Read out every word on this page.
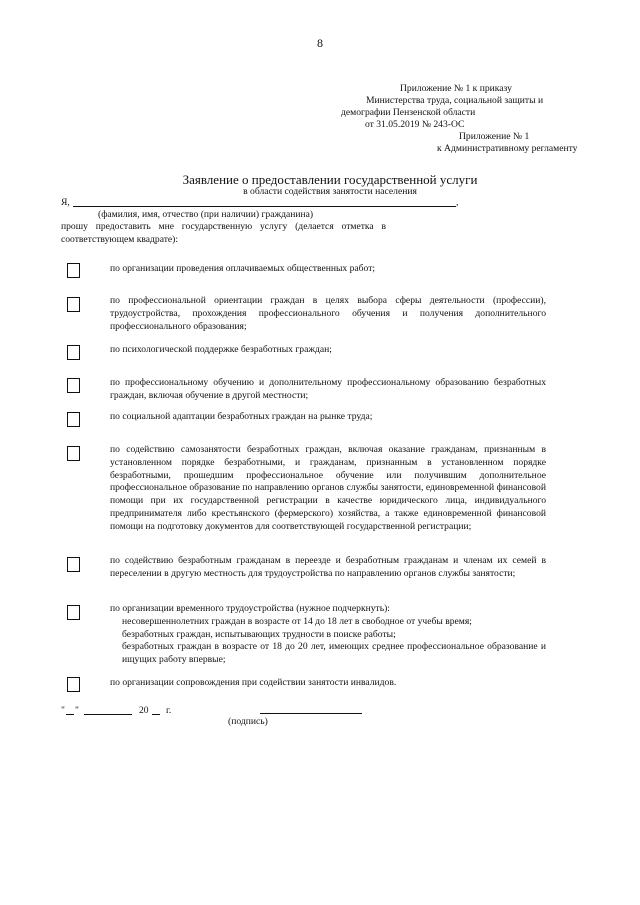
8
Приложение № 1 к приказу
Министерства труда, социальной защиты и
демографии Пензенской области
от 31.05.2019 № 243-ОС
Приложение № 1
к Административному регламенту
Заявление о предоставлении государственной услуги
в области содействия занятости населения
Я,	,
(фамилия, имя, отчество (при наличии) гражданина)
прошу предоставить мне государственную услугу (делается отметка в соответствующем квадрате):
по организации проведения оплачиваемых общественных работ;
по профессиональной ориентации граждан в целях выбора сферы деятельности (профессии), трудоустройства, прохождения профессионального обучения и получения дополнительного профессионального образования;
по психологической поддержке безработных граждан;
по профессиональному обучению и дополнительному профессиональному образованию безработных граждан, включая обучение в другой местности;
по социальной адаптации безработных граждан на рынке труда;
по содействию самозанятости безработных граждан, включая оказание гражданам, признанным в установленном порядке безработными, и гражданам, признанным в установленном порядке безработными, прошедшим профессиональное обучение или получившим дополнительное профессиональное образование по направлению органов службы занятости, единовременной финансовой помощи при их государственной регистрации в качестве юридического лица, индивидуального предпринимателя либо крестьянского (фермерского) хозяйства, а также единовременной финансовой помощи на подготовку документов для соответствующей государственной регистрации;
по содействию безработным гражданам в переезде и безработным гражданам и членам их семей в переселении в другую местность для трудоустройства по направлению органов службы занятости;
по организации временного трудоустройства (нужное подчеркнуть):
несовершеннолетних граждан в возрасте от 14 до 18 лет в свободное от учебы время;
безработных граждан, испытывающих трудности в поиске работы;
безработных граждан в возрасте от 18 до 20 лет, имеющих среднее профессиональное образование и ищущих работу впервые;
по организации сопровождения при содействии занятости инвалидов.
" "	20 г.
(подпись)
